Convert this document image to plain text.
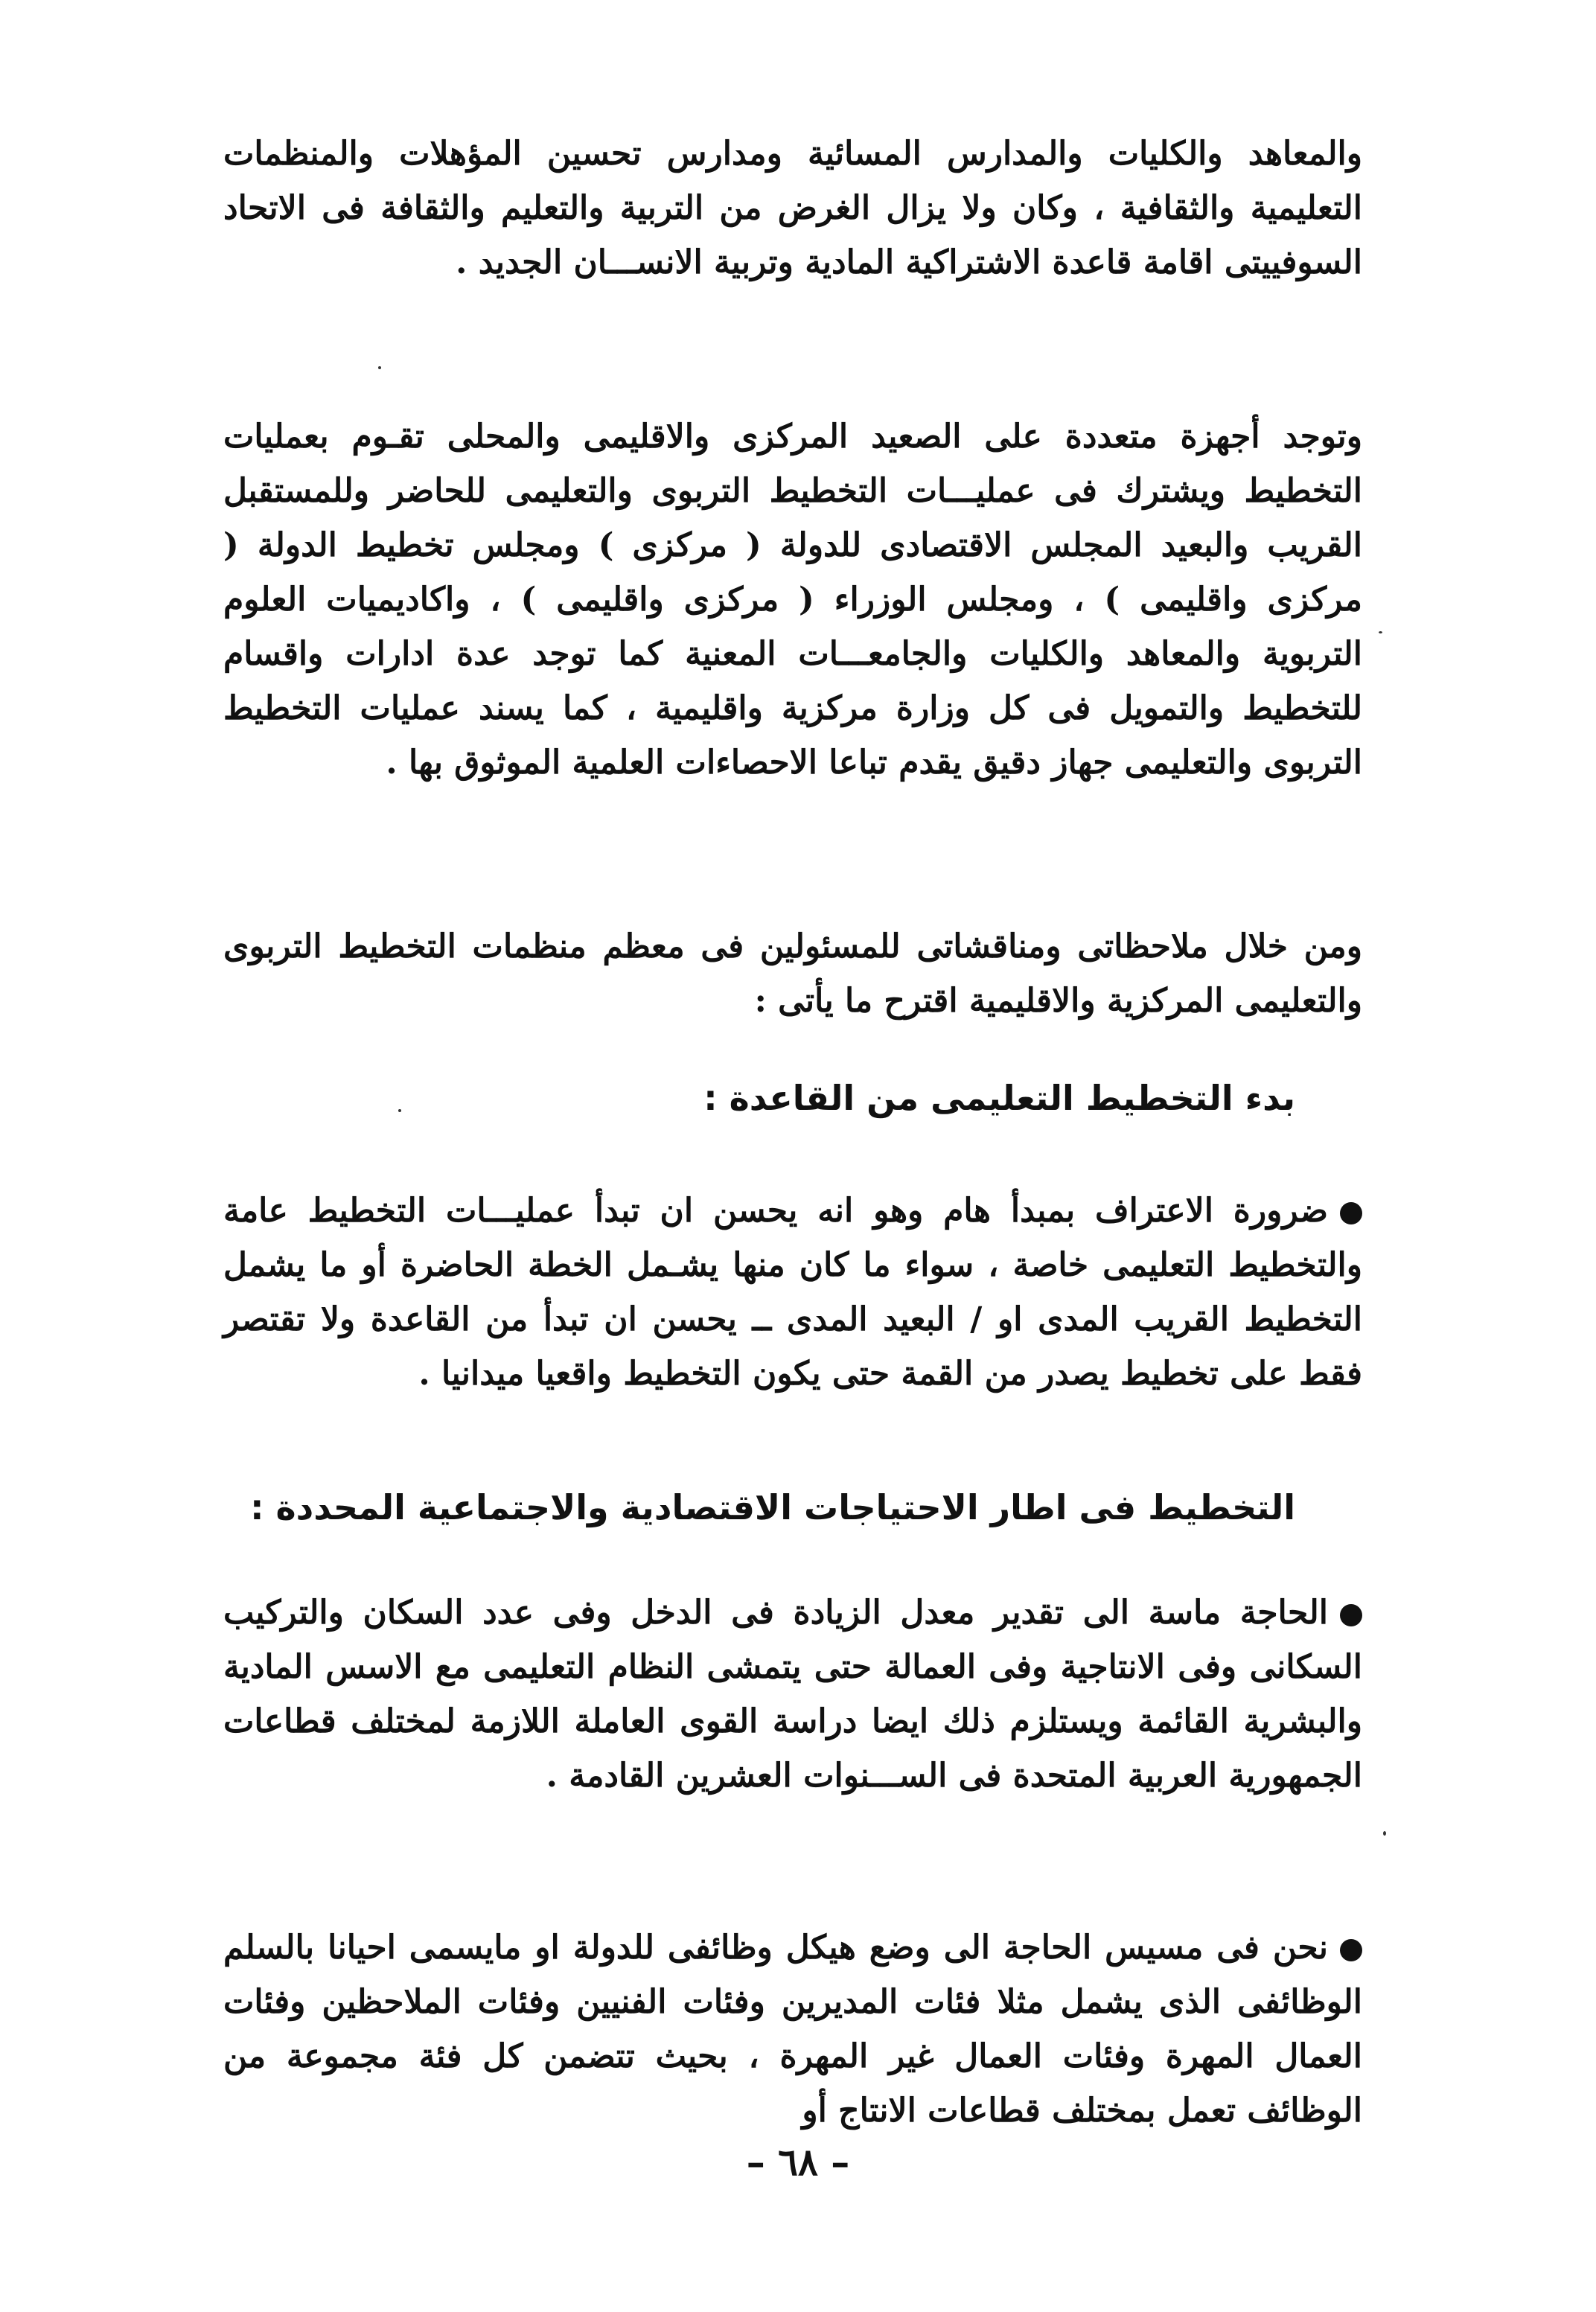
والمعاهد والكليات والمدارس المسائية ومدارس تحسين المؤهلات والمنظمات التعليمية والثقافية ، وكان ولا يزال الغرض من التربية والتعليم والثقافة فى الاتحاد السوفييتى اقامة قاعدة الاشتراكية المادية وتربية الانســـان الجديد .

وتوجد أجهزة متعددة على الصعيد المركزى والاقليمى والمحلى تقـوم بعمليات التخطيط ويشترك فى عمليـــات التخطيط التربوى والتعليمى للحاضر وللمستقبل القريب والبعيد المجلس الاقتصادى للدولة ( مركزى ) ومجلس تخطيط الدولة ( مركزى واقليمى ) ، ومجلس الوزراء ( مركزى واقليمى ) ، واكاديميات العلوم التربوية والمعاهد والكليات والجامعـــات المعنية كما توجد عدة ادارات واقسام للتخطيط والتمويل فى كل وزارة مركزية واقليمية ، كما يسند عمليات التخطيط التربوى والتعليمى جهاز دقيق يقدم تباعا الاحصاءات العلمية الموثوق بها .

ومن خلال ملاحظاتى ومناقشاتى للمسئولين فى معظم منظمات التخطيط التربوى والتعليمى المركزية والاقليمية اقترح ما يأتى :

بدء التخطيط التعليمى من القاعدة :

ضرورة الاعتراف بمبدأ هام وهو انه يحسن ان تبدأ عمليـــات التخطيط عامة والتخطيط التعليمى خاصة ، سواء ما كان منها يشـمل الخطة الحاضرة أو ما يشمل التخطيط القريب المدى او / البعيد المدى ــ يحسن ان تبدأ من القاعدة ولا تقتصر فقط على تخطيط يصدر من القمة حتى يكون التخطيط واقعيا ميدانيا .

التخطيط فى اطار الاحتياجات الاقتصادية والاجتماعية المحددة :

الحاجة ماسة الى تقدير معدل الزيادة فى الدخل وفى عدد السكان والتركيب السكانى وفى الانتاجية وفى العمالة حتى يتمشى النظام التعليمى مع الاسس المادية والبشرية القائمة ويستلزم ذلك ايضا دراسة القوى العاملة اللازمة لمختلف قطاعات الجمهورية العربية المتحدة فى الســـنوات العشرين القادمة .

نحن فى مسيس الحاجة الى وضع هيكل وظائفى للدولة او مايسمى احيانا بالسلم الوظائفى الذى يشمل مثلا فئات المديرين وفئات الفنيين وفئات الملاحظين وفئات العمال المهرة وفئات العمال غير المهرة ، بحيث تتضمن كل فئة مجموعة من الوظائف تعمل بمختلف قطاعات الانتاج أو

– ٦٨ –
